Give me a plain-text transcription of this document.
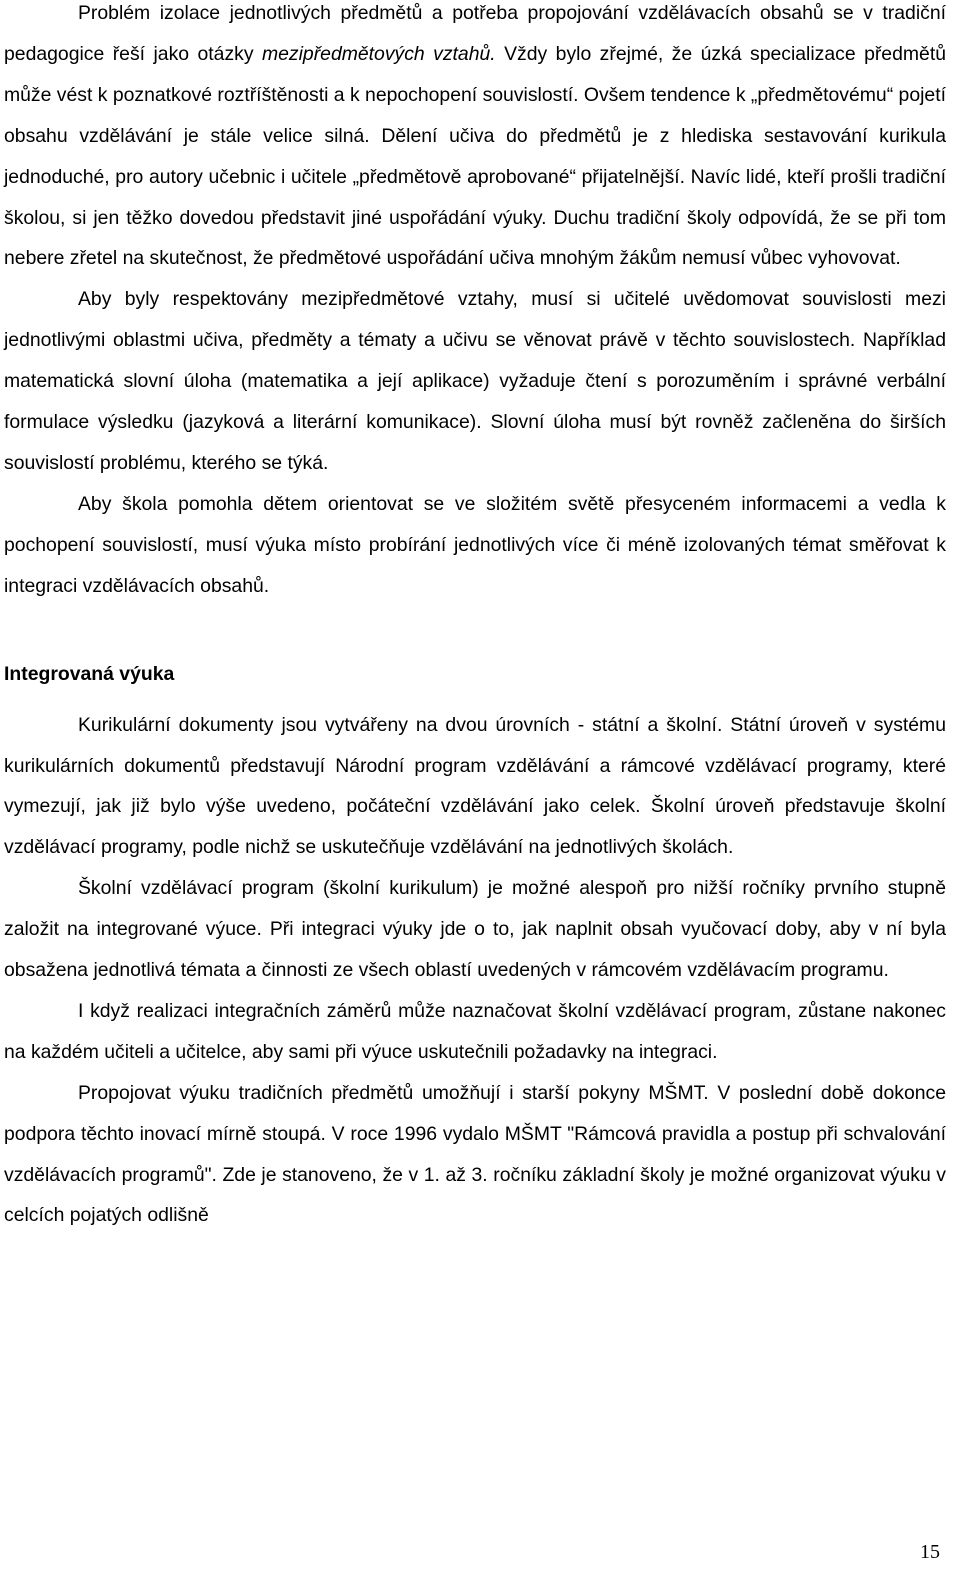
Problém izolace jednotlivých předmětů a potřeba propojování vzdělávacích obsahů se v tradiční pedagogice řeší jako otázky mezipředmětových vztahů. Vždy bylo zřejmé, že úzká specializace předmětů může vést k poznatkové roztříštěnosti a k nepochopení souvislostí. Ovšem tendence k „předmětovému“ pojetí obsahu vzdělávání je stále velice silná. Dělení učiva do předmětů je z hlediska sestavování kurikula jednoduché, pro autory učebnic i učitele „předmětově aprobované“ přijatelnější. Navíc lidé, kteří prošli tradiční školou, si jen těžko dovedou představit jiné uspořádání výuky. Duchu tradiční školy odpovídá, že se při tom nebere zřetel na skutečnost, že předmětové uspořádání učiva mnohým žákům nemusí vůbec vyhovovat.

Aby byly respektovány mezipředmětové vztahy, musí si učitelé uvědomovat souvislosti mezi jednotlivými oblastmi učiva, předměty a tématy a učivu se věnovat právě v těchto souvislostech. Například matematická slovní úloha (matematika a její aplikace) vyžaduje čtení s porozuměním i správné verbální formulace výsledku (jazyková a literární komunikace). Slovní úloha musí být rovněž začleněna do širších souvislostí problému, kterého se týká.

Aby škola pomohla dětem orientovat se ve složitém světě přesyceném informacemi a vedla k pochopení souvislostí, musí výuka místo probírání jednotlivých více či méně izolovaných témat směřovat k integraci vzdělávacích obsahů.

Integrovaná výuka

Kurikulární dokumenty jsou vytvářeny na dvou úrovních - státní a školní. Státní úroveň v systému kurikulárních dokumentů představují Národní program vzdělávání a rámcové vzdělávací programy, které vymezují, jak již bylo výše uvedeno, počáteční vzdělávání jako celek. Školní úroveň představuje školní vzdělávací programy, podle nichž se uskutečňuje vzdělávání na jednotlivých školách.

Školní vzdělávací program (školní kurikulum) je možné alespoň pro nižší ročníky prvního stupně založit na integrované výuce. Při integraci výuky jde o to, jak naplnit obsah vyučovací doby, aby v ní byla obsažena jednotlivá témata a činnosti ze všech oblastí uvedených v rámcovém vzdělávacím programu.

I když realizaci integračních záměrů může naznačovat školní vzdělávací program, zůstane nakonec na každém učiteli a učitelce, aby sami při výuce uskutečnili požadavky na integraci.

Propojovat výuku tradičních předmětů umožňují i starší pokyny MŠMT. V poslední době dokonce podpora těchto inovací mírně stoupá. V roce 1996 vydalo MŠMT "Rámcová pravidla a postup při schvalování vzdělávacích programů". Zde je stanoveno, že v 1. až 3. ročníku základní školy je možné organizovat výuku v celcích pojatých odlišně

15
